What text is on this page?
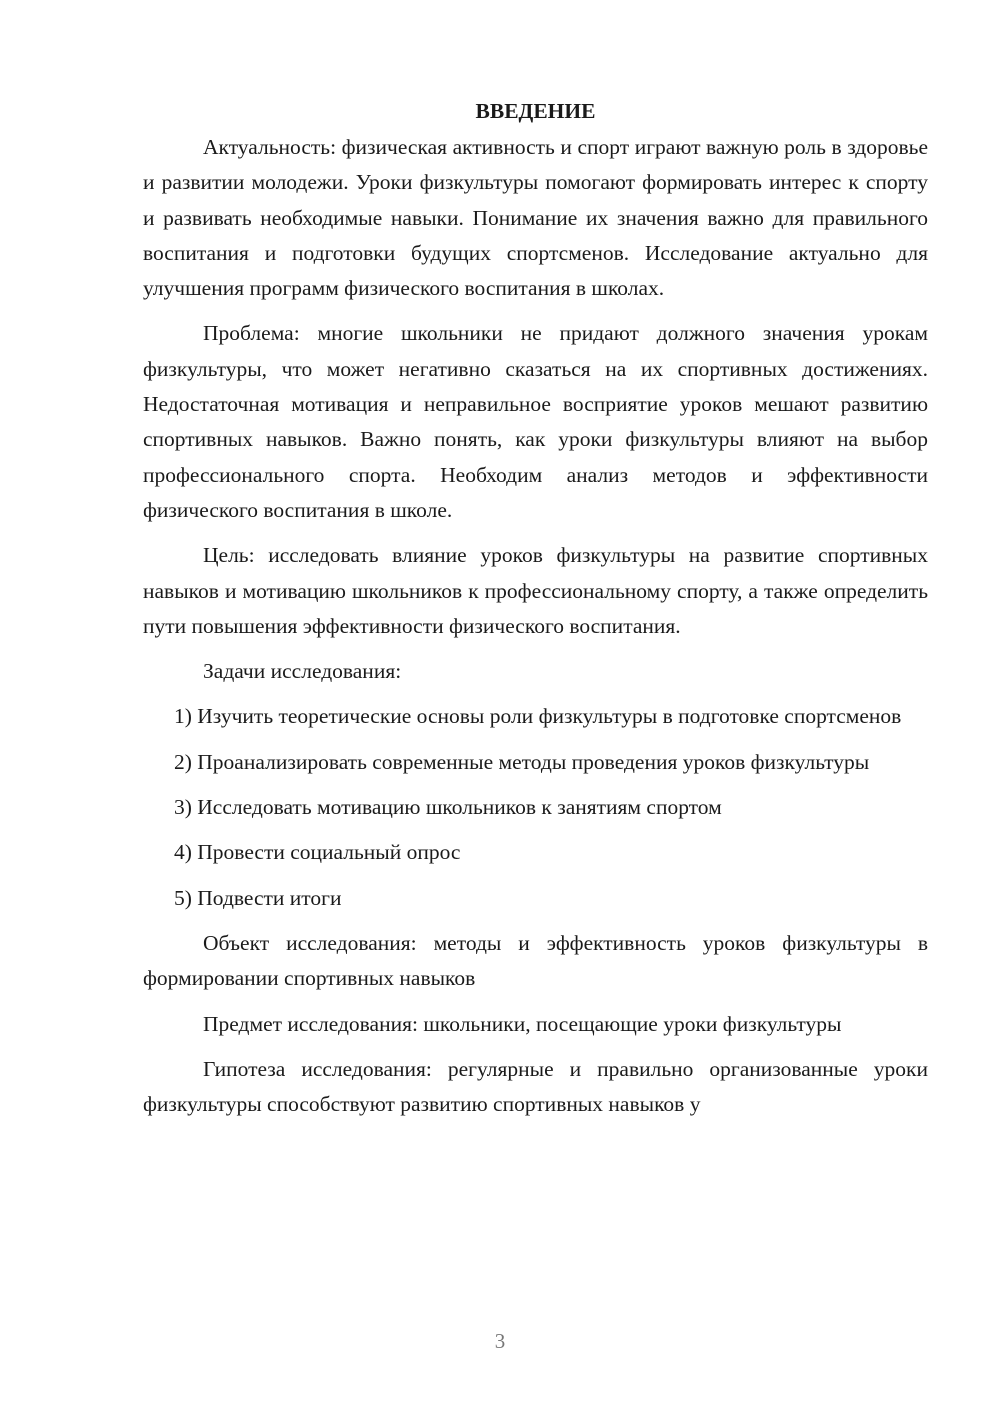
ВВЕДЕНИЕ

Актуальность: физическая активность и спорт играют важную роль в здоровье и развитии молодежи. Уроки физкультуры помогают формировать интерес к спорту и развивать необходимые навыки. Понимание их значения важно для правильного воспитания и подготовки будущих спортсменов. Исследование актуально для улучшения программ физического воспитания в школах.

Проблема: многие школьники не придают должного значения урокам физкультуры, что может негативно сказаться на их спортивных достижениях. Недостаточная мотивация и неправильное восприятие уроков мешают развитию спортивных навыков. Важно понять, как уроки физкультуры влияют на выбор профессионального спорта. Необходим анализ методов и эффективности физического воспитания в школе.

Цель: исследовать влияние уроков физкультуры на развитие спортивных навыков и мотивацию школьников к профессиональному спорту, а также определить пути повышения эффективности физического воспитания.

Задачи исследования:

1) Изучить теоретические основы роли физкультуры в подготовке спортсменов

2) Проанализировать современные методы проведения уроков физкультуры

3) Исследовать мотивацию школьников к занятиям спортом

4) Провести социальный опрос

5) Подвести итоги

Объект исследования: методы и эффективность уроков физкультуры в формировании спортивных навыков

Предмет исследования: школьники, посещающие уроки физкультуры

Гипотеза исследования: регулярные и правильно организованные уроки физкультуры способствуют развитию спортивных навыков у

3
